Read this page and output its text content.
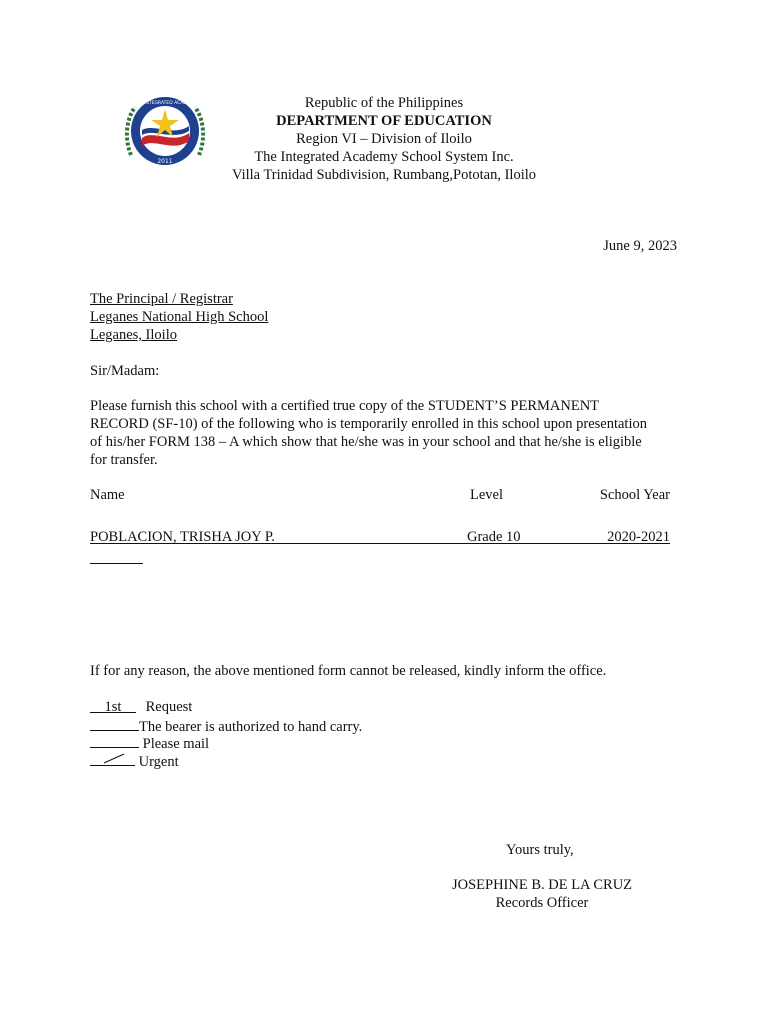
THE INTEGRATED ACADEMY
2011
Republic of the Philippines
DEPARTMENT OF EDUCATION
Region VI – Division of Iloilo
The Integrated Academy School System Inc.
Villa Trinidad Subdivision, Rumbang,Pototan, Iloilo
June 9, 2023
The Principal / Registrar
Leganes National High School
Leganes, Iloilo
Sir/Madam:
Please furnish this school with a certified true copy of the STUDENT’S PERMANENT
RECORD (SF-10) of the following who is temporarily enrolled in this school upon presentation
of his/her FORM 138 – A which show that he/she was in your school and that he/she is eligible
for transfer.
Name	Level	School Year
POBLACION, TRISHA JOY P.	Grade 10	2020-2021
If for any reason, the above mentioned form cannot be released, kindly inform the office.
1st Request
The bearer is authorized to hand carry.
Please mail
Urgent
Yours truly,
JOSEPHINE B. DE LA CRUZ
Records Officer
